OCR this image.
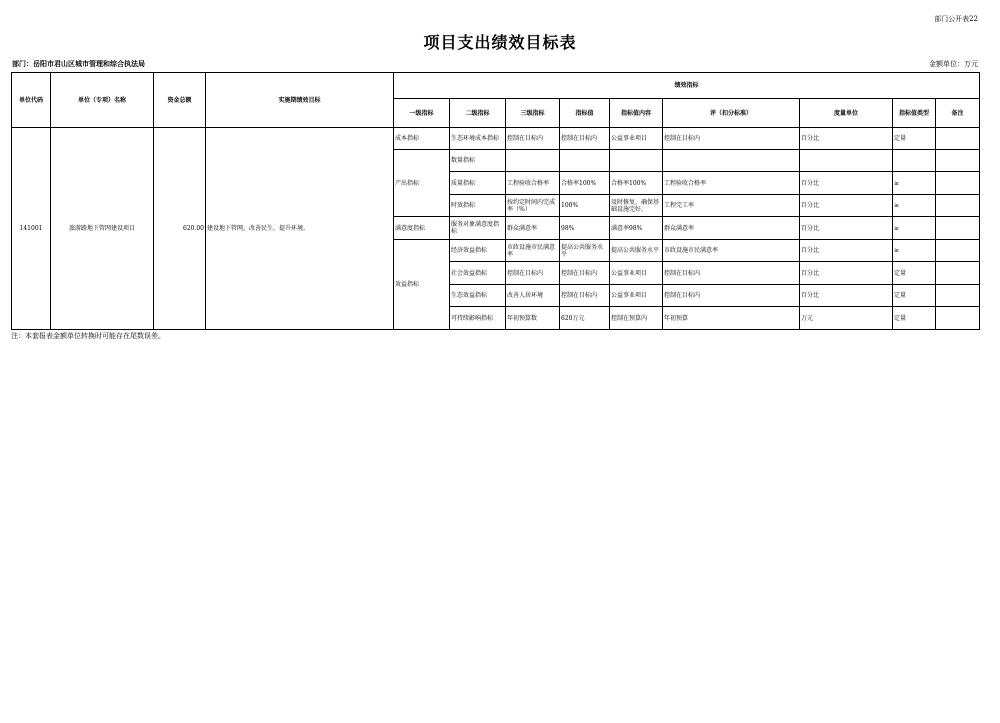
部门公开表22
项目支出绩效目标表
部门：岳阳市君山区城市管理和综合执法局	金额单位：万元
单位代码	单位（专项）名称	资金总额	实施期绩效目标	绩效指标								
				一级指标	二级指标	三级指标	指标值	指标值内容	评（扣分标准）	度量单位	指标值类型	备注
141001	旅游路地下管网建设项目	620.00	建设地下管网，改善民生，提升环境。	成本指标	生态环境成本指标	控制在目标内	控制在目标内	公益事业项目	控制在目标内	百分比	定量	
				产出指标	数量指标							
					质量指标	工程验收合格率	合格率100%	合格率100%	工程验收合格率	百分比	≥	
					时效指标	按约定时间内完成率（%）	100%	及时修复，确保基础设施完好。	工程完工率	百分比	≥	
				满意度指标	服务对象满意度指标	群众满意率	98%	满意率98%	群众满意率	百分比	≥	
				效益指标	经济效益指标	市政设施市民满意率	提高公共服务水平	提高公共服务水平	市政设施市民满意率	百分比	≥	
					社会效益指标	控制在目标内	控制在目标内	公益事业项目	控制在目标内	百分比	定量	
					生态效益指标	改善人居环境	控制在目标内	公益事业项目	控制在目标内	百分比	定量	
					可持续影响指标	年初预算数	620万元	控制在预算内	年初预算	万元	定量	
注：本套报表金额单位转换时可能存在尾数误差。
